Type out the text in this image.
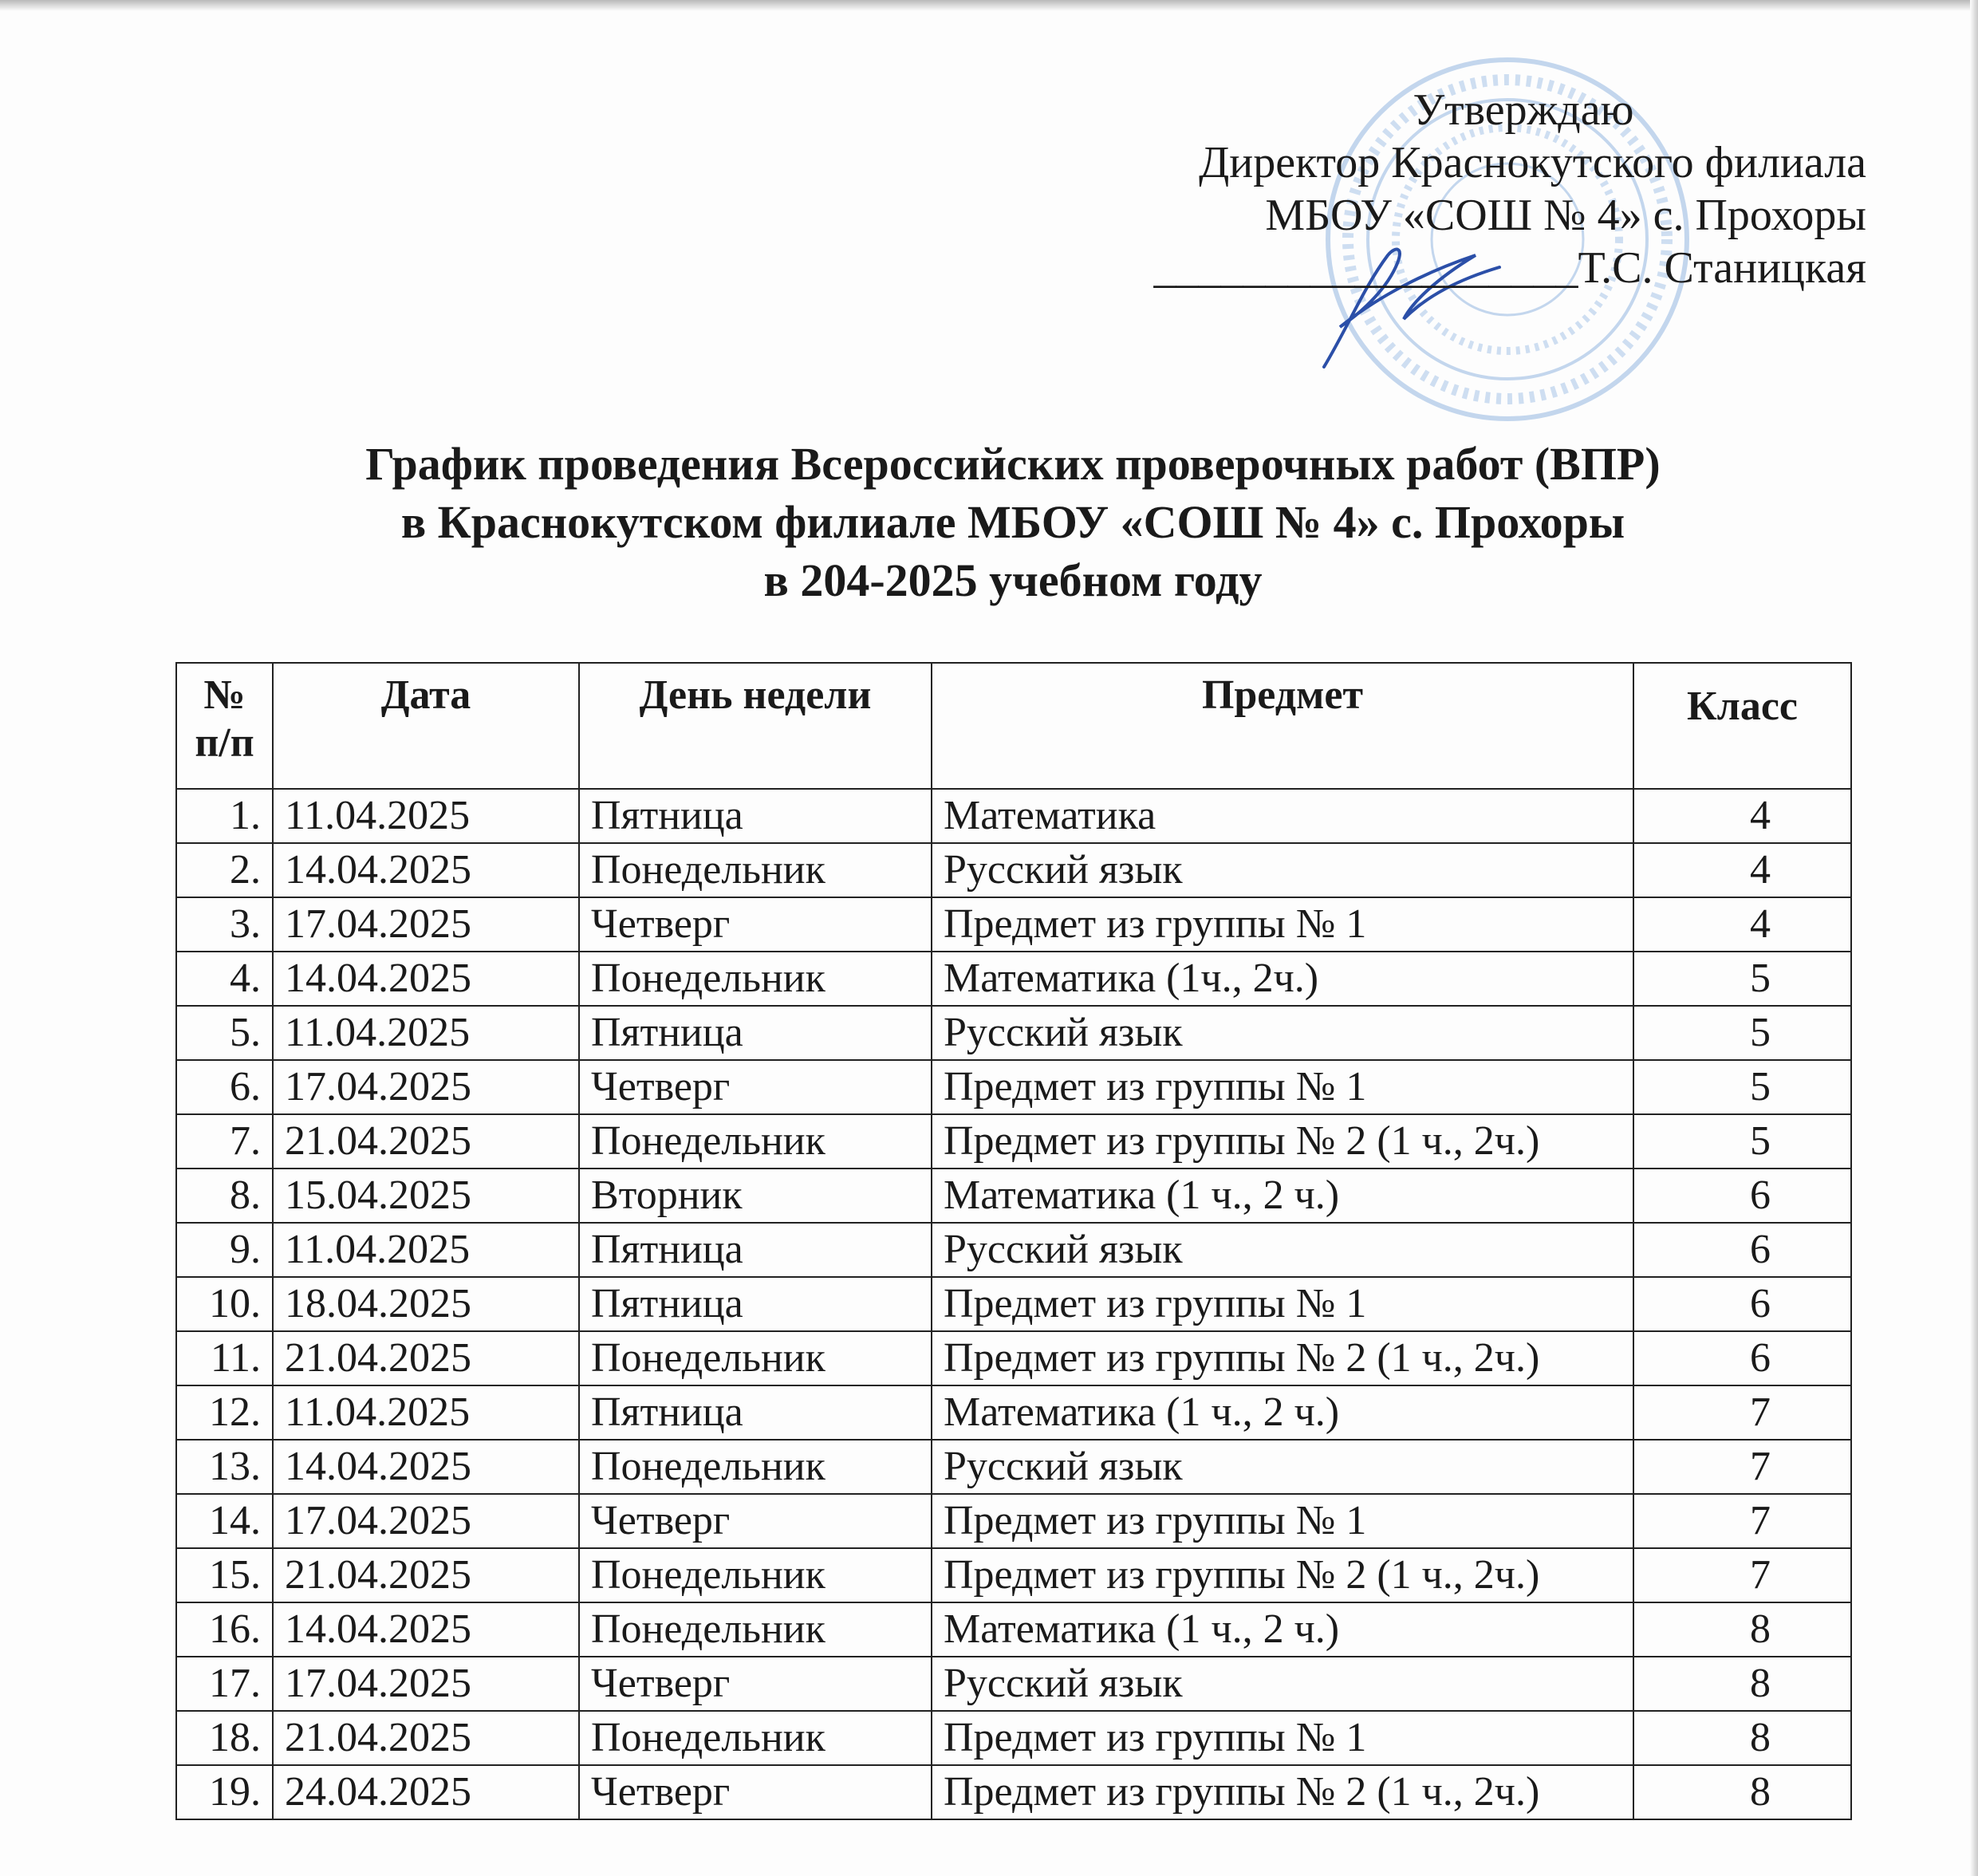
Утверждаю
Директор Краснокутского филиала
МБОУ «СОШ № 4» с. Прохоры
___________________Т.С. Станицкая
График проведения Всероссийских проверочных работ (ВПР)
в Краснокутском филиале МБОУ «СОШ № 4» с. Прохоры
в 204-2025 учебном году
№ п/п	Дата	День недели	Предмет	Класс
1.	11.04.2025	Пятница	Математика	4
2.	14.04.2025	Понедельник	Русский язык	4
3.	17.04.2025	Четверг	Предмет из группы № 1	4
4.	14.04.2025	Понедельник	Математика (1ч., 2ч.)	5
5.	11.04.2025	Пятница	Русский язык	5
6.	17.04.2025	Четверг	Предмет из группы № 1	5
7.	21.04.2025	Понедельник	Предмет из группы № 2 (1 ч., 2ч.)	5
8.	15.04.2025	Вторник	Математика (1 ч., 2 ч.)	6
9.	11.04.2025	Пятница	Русский язык	6
10.	18.04.2025	Пятница	Предмет из группы № 1	6
11.	21.04.2025	Понедельник	Предмет из группы № 2 (1 ч., 2ч.)	6
12.	11.04.2025	Пятница	Математика (1 ч., 2 ч.)	7
13.	14.04.2025	Понедельник	Русский язык	7
14.	17.04.2025	Четверг	Предмет из группы № 1	7
15.	21.04.2025	Понедельник	Предмет из группы № 2 (1 ч., 2ч.)	7
16.	14.04.2025	Понедельник	Математика (1 ч., 2 ч.)	8
17.	17.04.2025	Четверг	Русский язык	8
18.	21.04.2025	Понедельник	Предмет из группы № 1	8
19.	24.04.2025	Четверг	Предмет из группы № 2 (1 ч., 2ч.)	8
